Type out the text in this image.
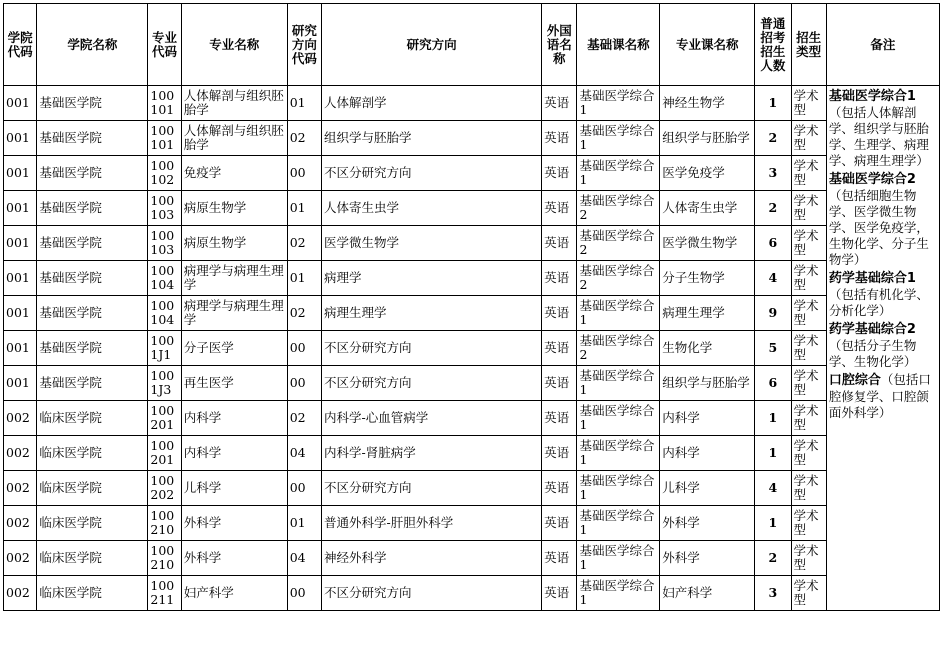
学院代码	学院名称	专业代码	专业名称	研究方向代码	研究方向	外国语名称	基础课名称	专业课名称	普通招考招生人数	招生类型	备注
001	基础医学院	100101	人体解剖与组织胚胎学	01	人体解剖学	英语	基础医学综合1	神经生物学	1	学术型	基础医学综合1（包括人体解剖学、组织学与胚胎学、生理学、病理学、病理生理学）
基础医学综合2（包括细胞生物学、医学微生物学、医学免疫学，生物化学、分子生物学）
药学基础综合1（包括有机化学、分析化学）
药学基础综合2（包括分子生物学、生物化学）
口腔综合（包括口腔修复学、口腔颌面外科学）

001	基础医学院	100101	人体解剖与组织胚胎学	02	组织学与胚胎学	英语	基础医学综合1	组织学与胚胎学	2	学术型	
001	基础医学院	100102	免疫学	00	不区分研究方向	英语	基础医学综合1	医学免疫学	3	学术型	
001	基础医学院	100103	病原生物学	01	人体寄生虫学	英语	基础医学综合2	人体寄生虫学	2	学术型	
001	基础医学院	100103	病原生物学	02	医学微生物学	英语	基础医学综合2	医学微生物学	6	学术型	
001	基础医学院	100104	病理学与病理生理学	01	病理学	英语	基础医学综合2	分子生物学	4	学术型	
001	基础医学院	100104	病理学与病理生理学	02	病理生理学	英语	基础医学综合1	病理生理学	9	学术型	
001	基础医学院	1001J1	分子医学	00	不区分研究方向	英语	基础医学综合2	生物化学	5	学术型	
001	基础医学院	1001J3	再生医学	00	不区分研究方向	英语	基础医学综合1	组织学与胚胎学	6	学术型	
002	临床医学院	100201	内科学	02	内科学-心血管病学	英语	基础医学综合1	内科学	1	学术型	
002	临床医学院	100201	内科学	04	内科学-肾脏病学	英语	基础医学综合1	内科学	1	学术型	
002	临床医学院	100202	儿科学	00	不区分研究方向	英语	基础医学综合1	儿科学	4	学术型	
002	临床医学院	100210	外科学	01	普通外科学-肝胆外科学	英语	基础医学综合1	外科学	1	学术型	
002	临床医学院	100210	外科学	04	神经外科学	英语	基础医学综合1	外科学	2	学术型	
002	临床医学院	100211	妇产科学	00	不区分研究方向	英语	基础医学综合1	妇产科学	3	学术型	
